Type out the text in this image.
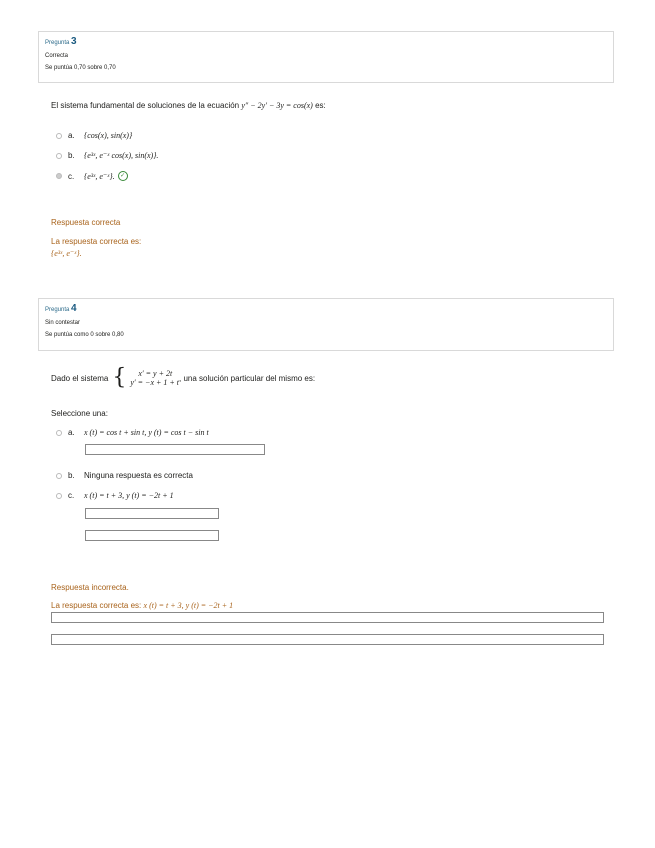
Pregunta 3
Correcta
Se puntúa 0,70 sobre 0,70
El sistema fundamental de soluciones de la ecuación y″ − 2y′ − 3y = cos(x) es:
a.	{cos(x), sin(x)}
b.	{e³ˣ, e⁻ˣ cos(x), sin(x)}.
c.	{e³ˣ, e⁻ˣ}. ✓
Respuesta correcta
La respuesta correcta es:
{e³ˣ, e⁻ˣ}.
Pregunta 4
Sin contestar
Se puntúa como 0 sobre 0,80
Dado el sistema {	x′ = y + 2t
y′ = −x + 1 + t , una solución particular del mismo es:
Seleccione una:
a.	x (t) = cos t + sin t, y (t) = cos t − sin t
b.	Ninguna respuesta es correcta
c.	x (t) = t + 3, y (t) = −2t + 1
Respuesta incorrecta.
La respuesta correcta es: x (t) = t + 3, y (t) = −2t + 1
